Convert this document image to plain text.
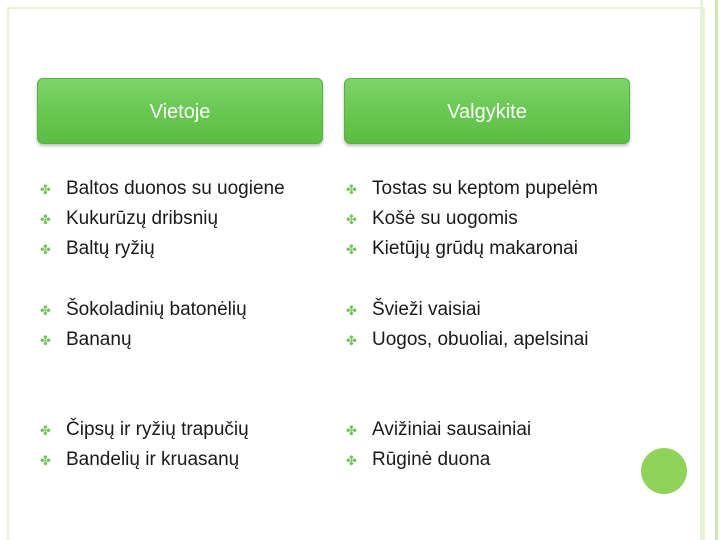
Vietoje	Valgykite
✤ Baltos duonos su uogiene
✤ Kukurūzų dribsnių
✤ Baltų ryžių
✤ Šokoladinių batonėlių
✤ Bananų
✤ Čipsų ir ryžių trapučių
✤ Bandelių ir kruasanų
✤ Tostas su keptom pupelėm
✤ Košė su uogomis
✤ Kietūjų grūdų makaronai
✤ Švieži vaisiai
✤ Uogos, obuoliai, apelsinai
✤ Avižiniai sausainiai
✤ Rūginė duona
